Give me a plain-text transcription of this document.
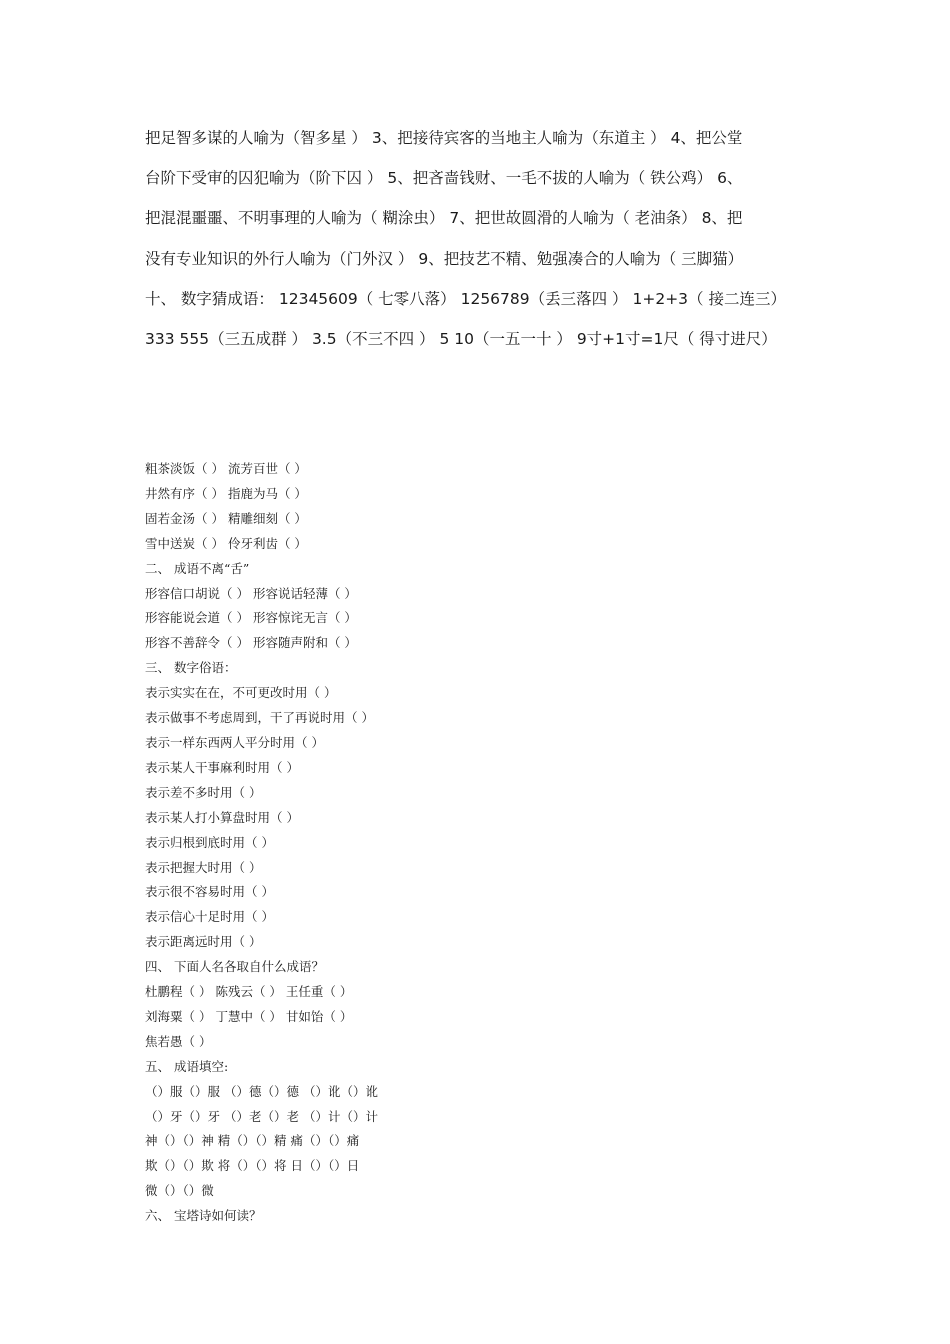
把足智多谋的人喻为（智多星 ） 3、把接待宾客的当地主人喻为（东道主 ） 4、把公堂
台阶下受审的囚犯喻为（阶下囚 ） 5、把吝啬钱财、一毛不拔的人喻为（ 铁公鸡） 6、
把混混噩噩、不明事理的人喻为（ 糊涂虫） 7、把世故圆滑的人喻为（ 老油条） 8、把
没有专业知识的外行人喻为（门外汉 ） 9、把技艺不精、勉强凑合的人喻为（ 三脚猫）
十、 数字猜成语： 12345609（ 七零八落） 1256789（丢三落四 ） 1+2+3（ 接二连三）
333 555（三五成群 ） 3.5（不三不四 ） 5 10（一五一十 ） 9寸+1寸=1尺（ 得寸进尺）
粗茶淡饭（ ） 流芳百世（ ）
井然有序（ ） 指鹿为马（ ）
固若金汤（ ） 精雕细刻（ ）
雪中送炭（ ） 伶牙利齿（ ）
二、 成语不离“舌”
形容信口胡说（ ） 形容说话轻薄（ ）
形容能说会道（ ） 形容惊诧无言（ ）
形容不善辞令（ ） 形容随声附和（ ）
三、 数字俗语：
表示实实在在，不可更改时用（ ）
表示做事不考虑周到，干了再说时用（ ）
表示一样东西两人平分时用（ ）
表示某人干事麻利时用（ ）
表示差不多时用（ ）
表示某人打小算盘时用（ ）
表示归根到底时用（ ）
表示把握大时用（ ）
表示很不容易时用（ ）
表示信心十足时用（ ）
表示距离远时用（ ）
四、 下面人名各取自什么成语？
杜鹏程（ ） 陈残云（ ） 王任重（ ）
刘海粟（ ） 丁慧中（ ） 甘如饴（ ）
焦若愚（ ）
五、 成语填空:
（）服（）服 （）德（）德 （）讹（）讹
（）牙（）牙 （）老（）老 （）计（）计
神（）（）神 精（）（）精 痛（）（）痛
欺（）（）欺 将（）（）将 日（）（）日
微（）（）微
六、 宝塔诗如何读？
